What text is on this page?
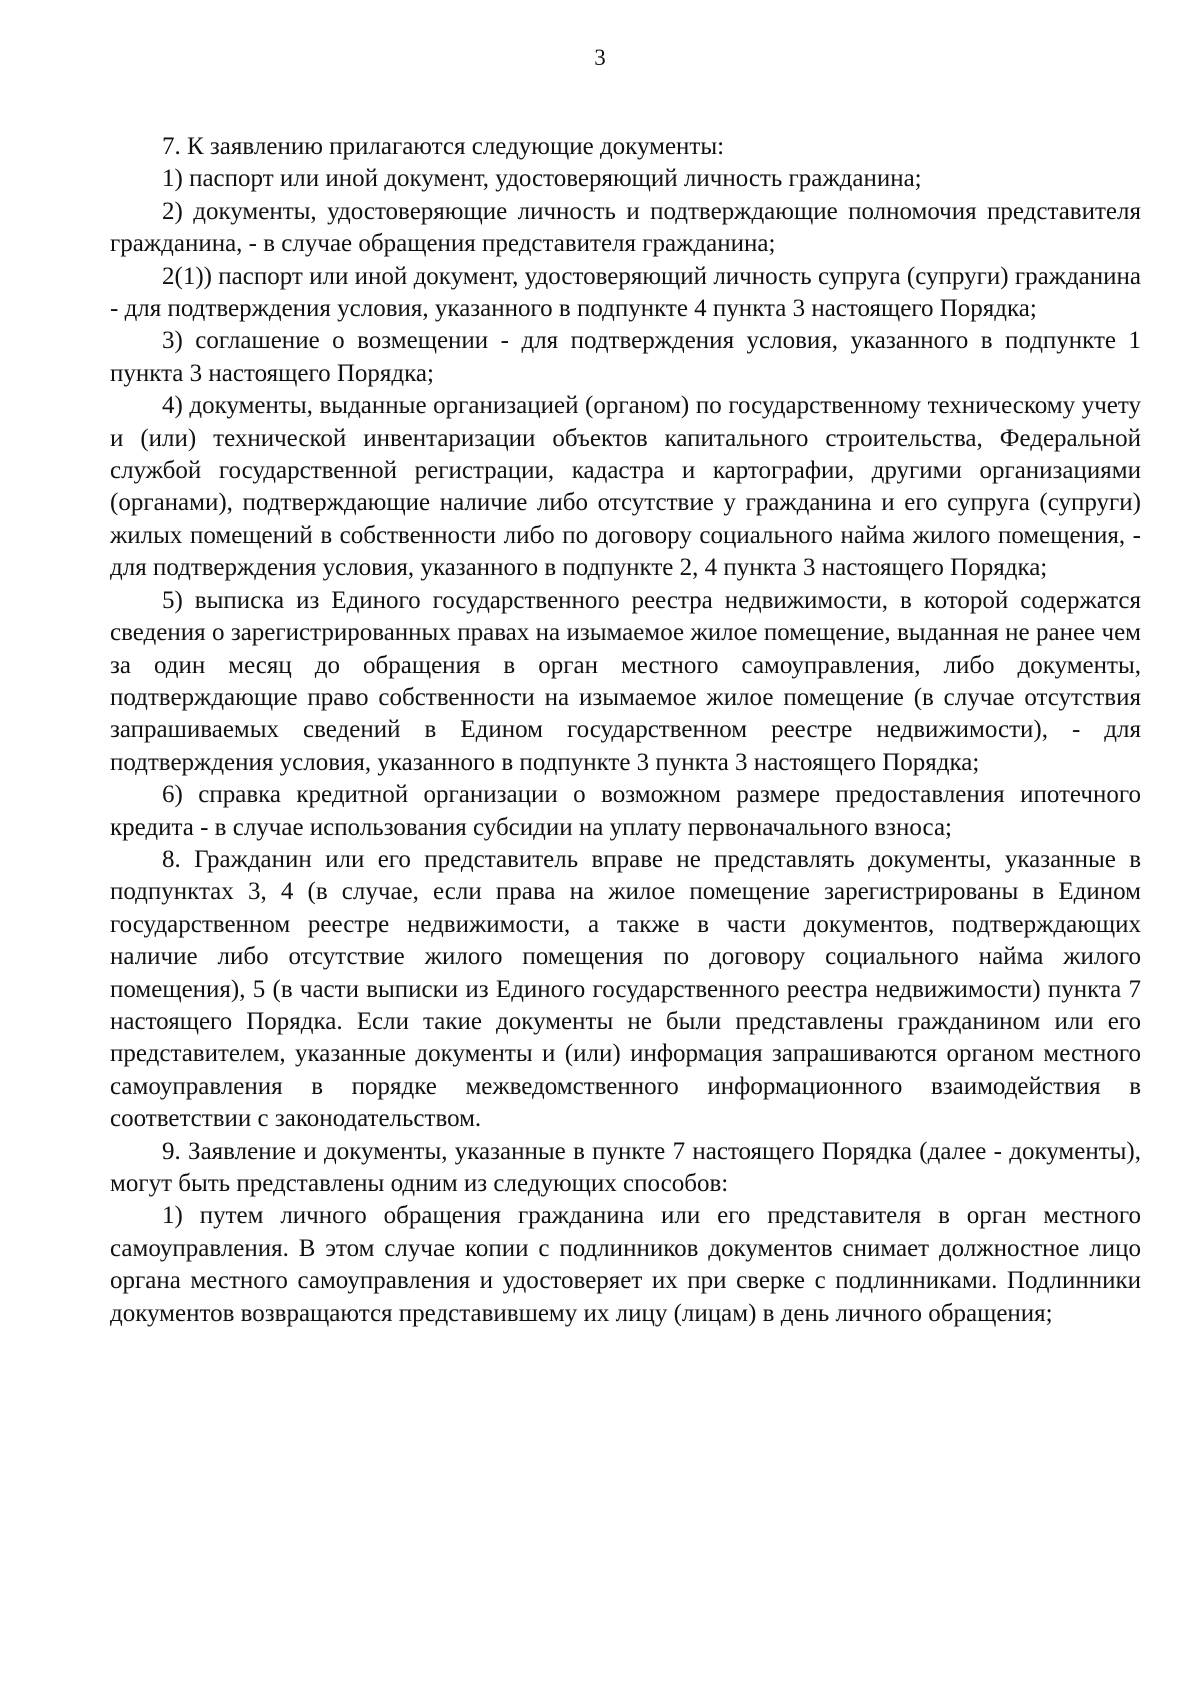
3

7. К заявлению прилагаются следующие документы:

1) паспорт или иной документ, удостоверяющий личность гражданина;

2) документы, удостоверяющие личность и подтверждающие полномочия представителя гражданина, - в случае обращения представителя гражданина;

2(1)) паспорт или иной документ, удостоверяющий личность супруга (супруги) гражданина - для подтверждения условия, указанного в подпункте 4 пункта 3 настоящего Порядка;

3) соглашение о возмещении - для подтверждения условия, указанного в подпункте 1 пункта 3 настоящего Порядка;

4) документы, выданные организацией (органом) по государственному техническому учету и (или) технической инвентаризации объектов капитального строительства, Федеральной службой государственной регистрации, кадастра и картографии, другими организациями (органами), подтверждающие наличие либо отсутствие у гражданина и его супруга (супруги) жилых помещений в собственности либо по договору социального найма жилого помещения, - для подтверждения условия, указанного в подпункте 2, 4 пункта 3 настоящего Порядка;

5) выписка из Единого государственного реестра недвижимости, в которой содержатся сведения о зарегистрированных правах на изымаемое жилое помещение, выданная не ранее чем за один месяц до обращения в орган местного самоуправления, либо документы, подтверждающие право собственности на изымаемое жилое помещение (в случае отсутствия запрашиваемых сведений в Едином государственном реестре недвижимости), - для подтверждения условия, указанного в подпункте 3 пункта 3 настоящего Порядка;

6) справка кредитной организации о возможном размере предоставления ипотечного кредита - в случае использования субсидии на уплату первоначального взноса;

8. Гражданин или его представитель вправе не представлять документы, указанные в подпунктах 3, 4 (в случае, если права на жилое помещение зарегистрированы в Едином государственном реестре недвижимости, а также в части документов, подтверждающих наличие либо отсутствие жилого помещения по договору социального найма жилого помещения), 5 (в части выписки из Единого государственного реестра недвижимости) пункта 7 настоящего Порядка. Если такие документы не были представлены гражданином или его представителем, указанные документы и (или) информация запрашиваются органом местного самоуправления в порядке межведомственного информационного взаимодействия в соответствии с законодательством.

9. Заявление и документы, указанные в пункте 7 настоящего Порядка (далее - документы), могут быть представлены одним из следующих способов:

1) путем личного обращения гражданина или его представителя в орган местного самоуправления. В этом случае копии с подлинников документов снимает должностное лицо органа местного самоуправления и удостоверяет их при сверке с подлинниками. Подлинники документов возвращаются представившему их лицу (лицам) в день личного обращения;
